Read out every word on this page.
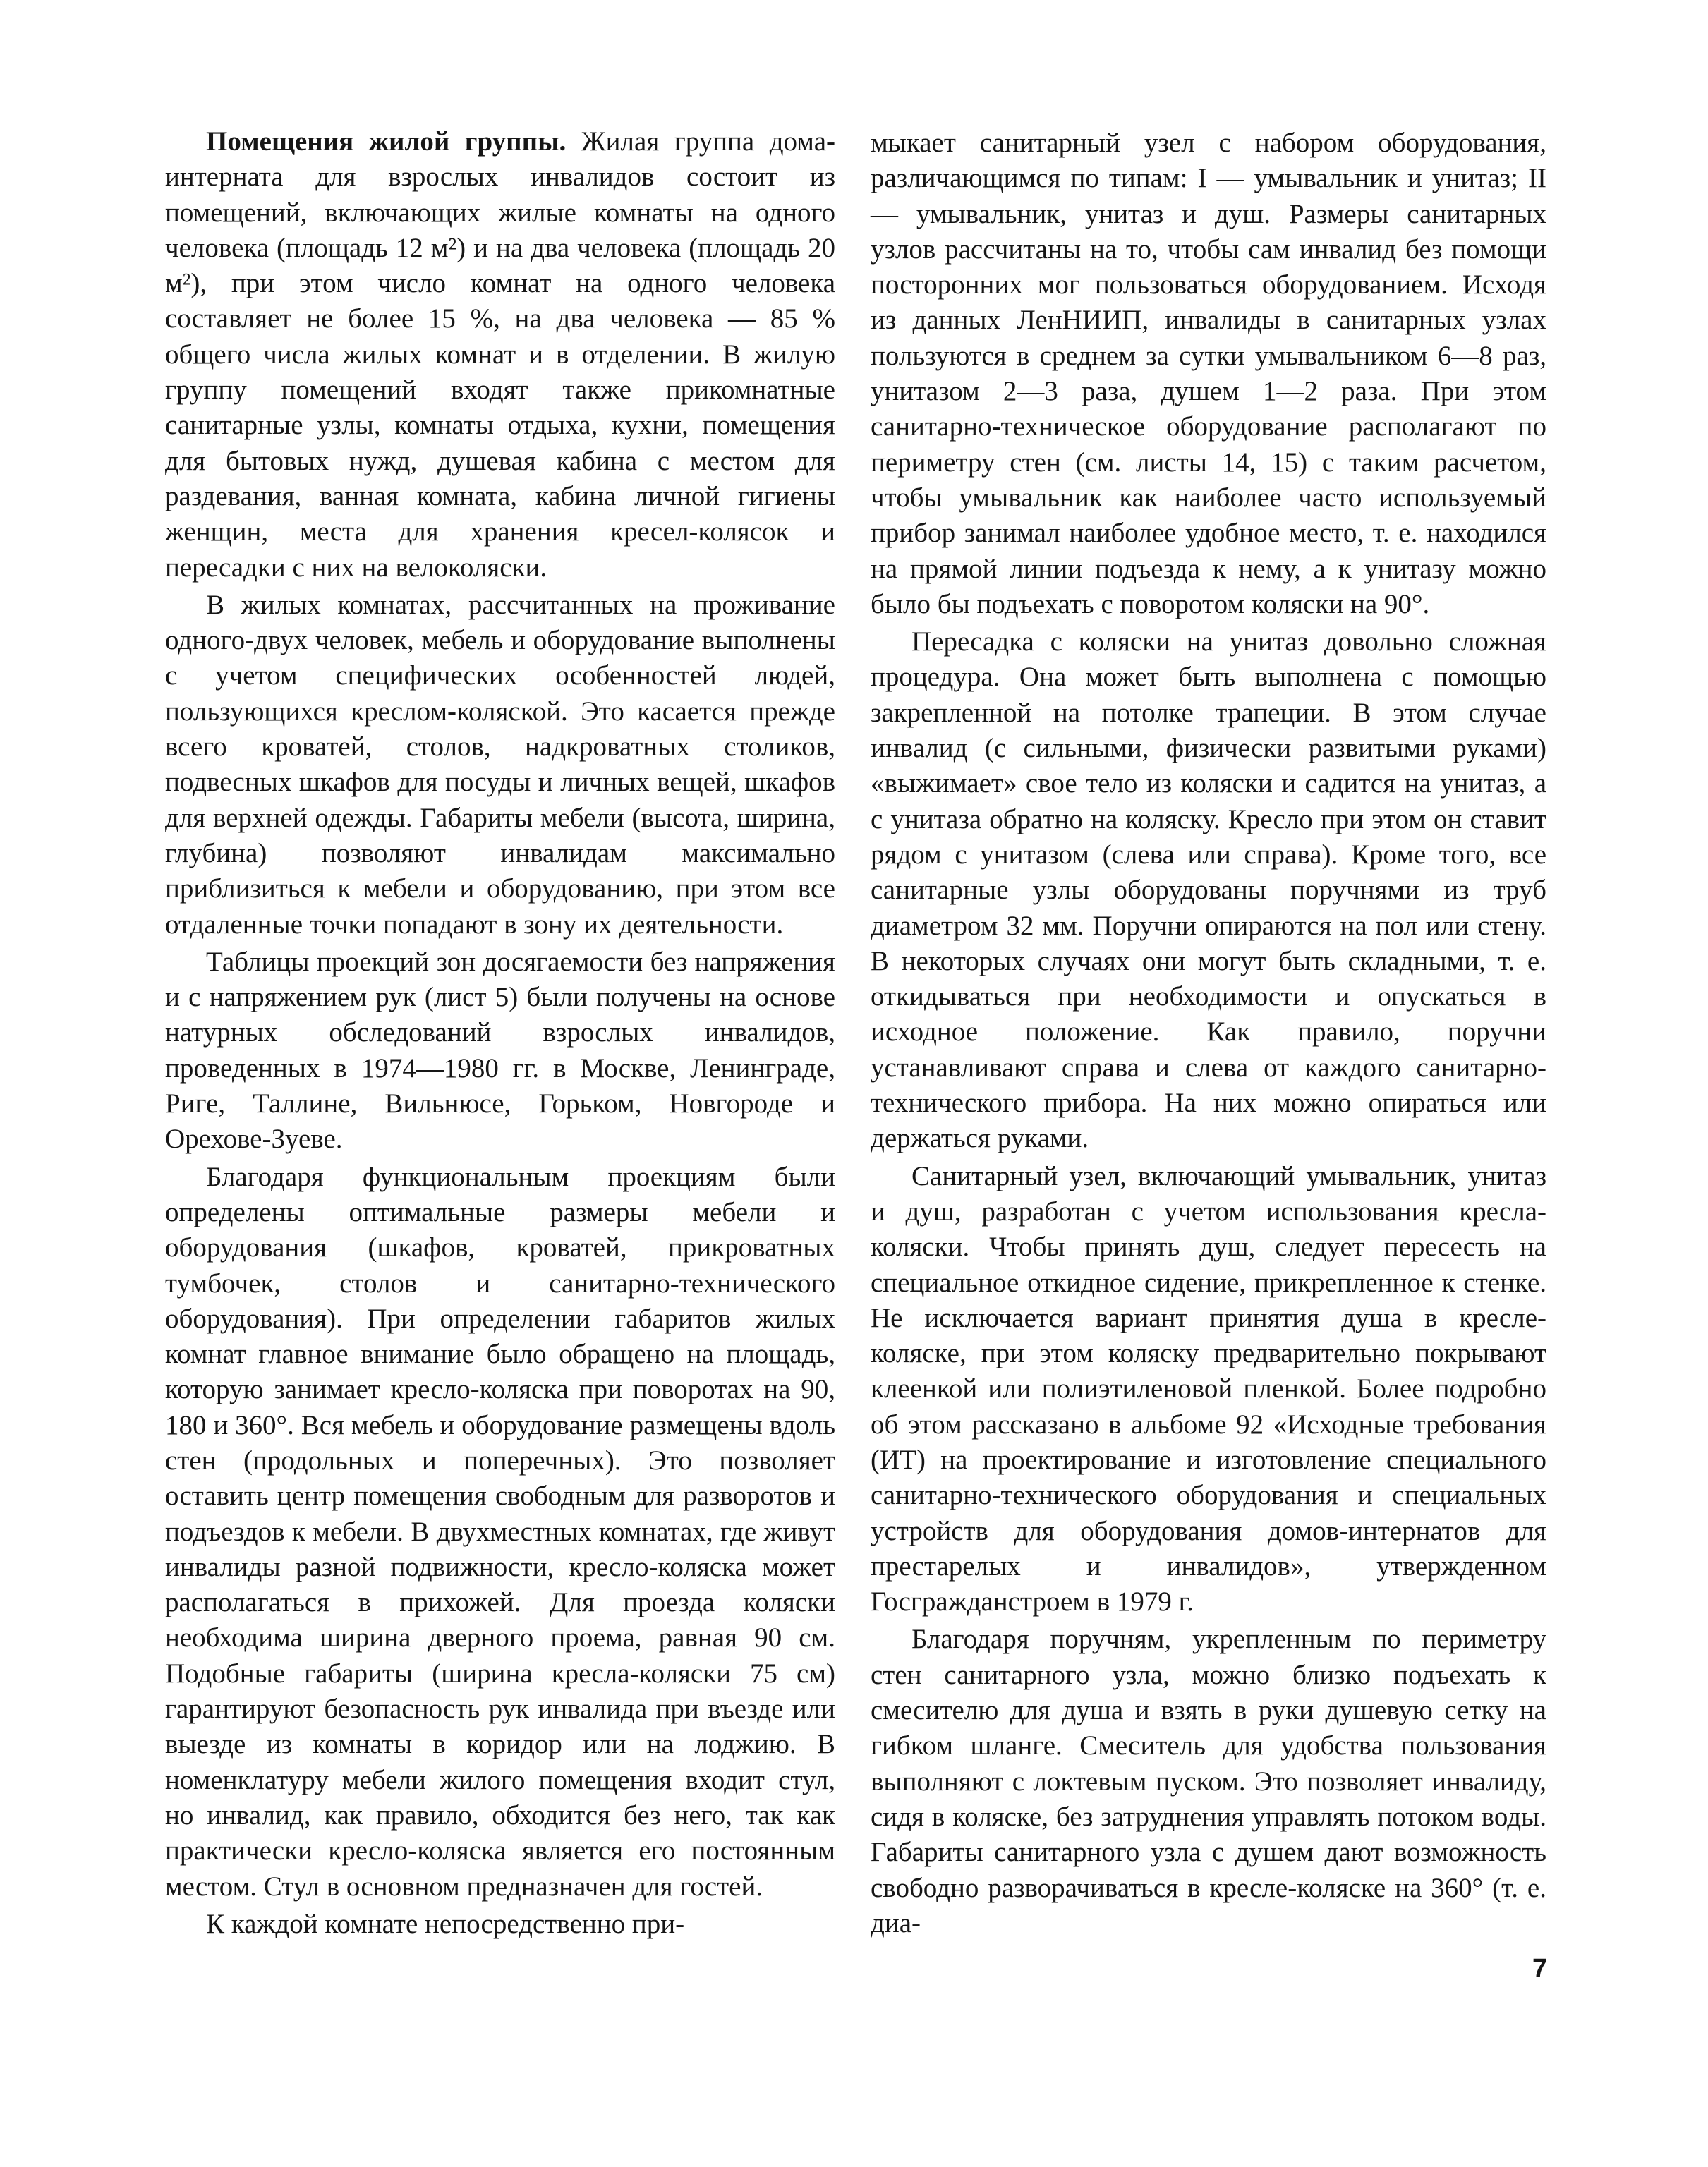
Помещения жилой группы. Жилая группа дома-интерната для взрослых инвалидов состоит из помещений, включающих жилые комнаты на одного человека (площадь 12 м²) и на два человека (площадь 20 м²), при этом число комнат на одного человека составляет не более 15 %, на два человека — 85 % общего числа жилых комнат и в отделении. В жилую группу помещений входят также прикомнатные санитарные узлы, комнаты отдыха, кухни, помещения для бытовых нужд, душевая кабина с местом для раздевания, ванная комната, кабина личной гигиены женщин, места для хранения кресел-колясок и пересадки с них на велоколяски.

В жилых комнатах, рассчитанных на проживание одного-двух человек, мебель и оборудование выполнены с учетом специфических особенностей людей, пользующихся креслом-коляской. Это касается прежде всего кроватей, столов, надкроватных столиков, подвесных шкафов для посуды и личных вещей, шкафов для верхней одежды. Габариты мебели (высота, ширина, глубина) позволяют инвалидам максимально приблизиться к мебели и оборудованию, при этом все отдаленные точки попадают в зону их деятельности.

Таблицы проекций зон досягаемости без напряжения и с напряжением рук (лист 5) были получены на основе натурных обследований взрослых инвалидов, проведенных в 1974—1980 гг. в Москве, Ленинграде, Риге, Таллине, Вильнюсе, Горьком, Новгороде и Орехове-Зуеве.

Благодаря функциональным проекциям были определены оптимальные размеры мебели и оборудования (шкафов, кроватей, прикроватных тумбочек, столов и санитарно-технического оборудования). При определении габаритов жилых комнат главное внимание было обращено на площадь, которую занимает кресло-коляска при поворотах на 90, 180 и 360°. Вся мебель и оборудование размещены вдоль стен (продольных и поперечных). Это позволяет оставить центр помещения свободным для разворотов и подъездов к мебели. В двухместных комнатах, где живут инвалиды разной подвижности, кресло-коляска может располагаться в прихожей. Для проезда коляски необходима ширина дверного проема, равная 90 см. Подобные габариты (ширина кресла-коляски 75 см) гарантируют безопасность рук инвалида при въезде или выезде из комнаты в коридор или на лоджию. В номенклатуру мебели жилого помещения входит стул, но инвалид, как правило, обходится без него, так как практически кресло-коляска является его постоянным местом. Стул в основном предназначен для гостей.

К каждой комнате непосредственно при-

мыкает санитарный узел с набором оборудования, различающимся по типам: I — умывальник и унитаз; II — умывальник, унитаз и душ. Размеры санитарных узлов рассчитаны на то, чтобы сам инвалид без помощи посторонних мог пользоваться оборудованием. Исходя из данных ЛенНИИП, инвалиды в санитарных узлах пользуются в среднем за сутки умывальником 6—8 раз, унитазом 2—3 раза, душем 1—2 раза. При этом санитарно-техническое оборудование располагают по периметру стен (см. листы 14, 15) с таким расчетом, чтобы умывальник как наиболее часто используемый прибор занимал наиболее удобное место, т. е. находился на прямой линии подъезда к нему, а к унитазу можно было бы подъехать с поворотом коляски на 90°.

Пересадка с коляски на унитаз довольно сложная процедура. Она может быть выполнена с помощью закрепленной на потолке трапеции. В этом случае инвалид (с сильными, физически развитыми руками) «выжимает» свое тело из коляски и садится на унитаз, а с унитаза обратно на коляску. Кресло при этом он ставит рядом с унитазом (слева или справа). Кроме того, все санитарные узлы оборудованы поручнями из труб диаметром 32 мм. Поручни опираются на пол или стену. В некоторых случаях они могут быть складными, т. е. откидываться при необходимости и опускаться в исходное положение. Как правило, поручни устанавливают справа и слева от каждого санитарно-технического прибора. На них можно опираться или держаться руками.

Санитарный узел, включающий умывальник, унитаз и душ, разработан с учетом использования кресла-коляски. Чтобы принять душ, следует пересесть на специальное откидное сидение, прикрепленное к стенке. Не исключается вариант принятия душа в кресле-коляске, при этом коляску предварительно покрывают клеенкой или полиэтиленовой пленкой. Более подробно об этом рассказано в альбоме 92 «Исходные требования (ИТ) на проектирование и изготовление специального санитарно-технического оборудования и специальных устройств для оборудования домов-интернатов для престарелых и инвалидов», утвержденном Госгражданстроем в 1979 г.

Благодаря поручням, укрепленным по периметру стен санитарного узла, можно близко подъехать к смесителю для душа и взять в руки душевую сетку на гибком шланге. Смеситель для удобства пользования выполняют с локтевым пуском. Это позволяет инвалиду, сидя в коляске, без затруднения управлять потоком воды. Габариты санитарного узла с душем дают возможность свободно разворачиваться в кресле-коляске на 360° (т. е. диа-

7
